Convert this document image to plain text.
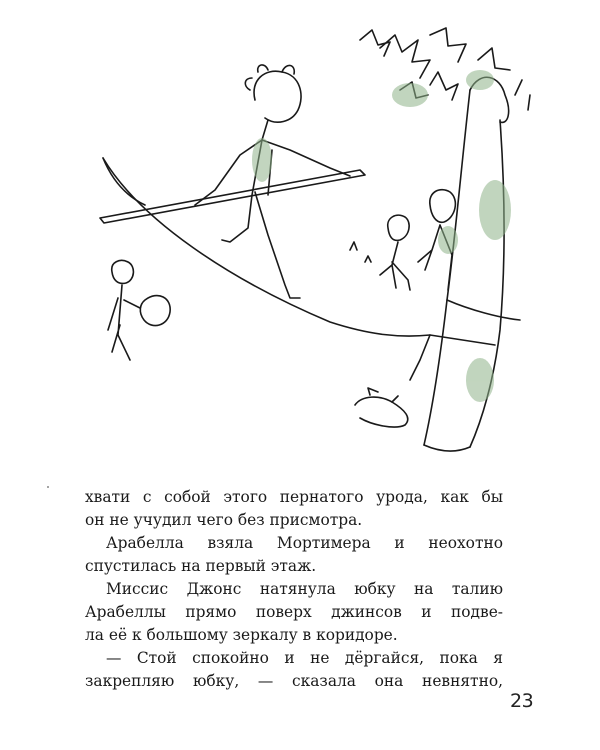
хвати с собой этого пернатого урода, как бы
он не учудил чего без присмотра.

Арабелла взяла Мортимера и неохотно
спустилась на первый этаж.

Миссис Джонс натянула юбку на талию
Арабеллы прямо поверх джинсов и подве-
ла её к большому зеркалу в коридоре.

— Стой спокойно и не дёргайся, пока я
закрепляю юбку, — сказала она невнятно,

23
